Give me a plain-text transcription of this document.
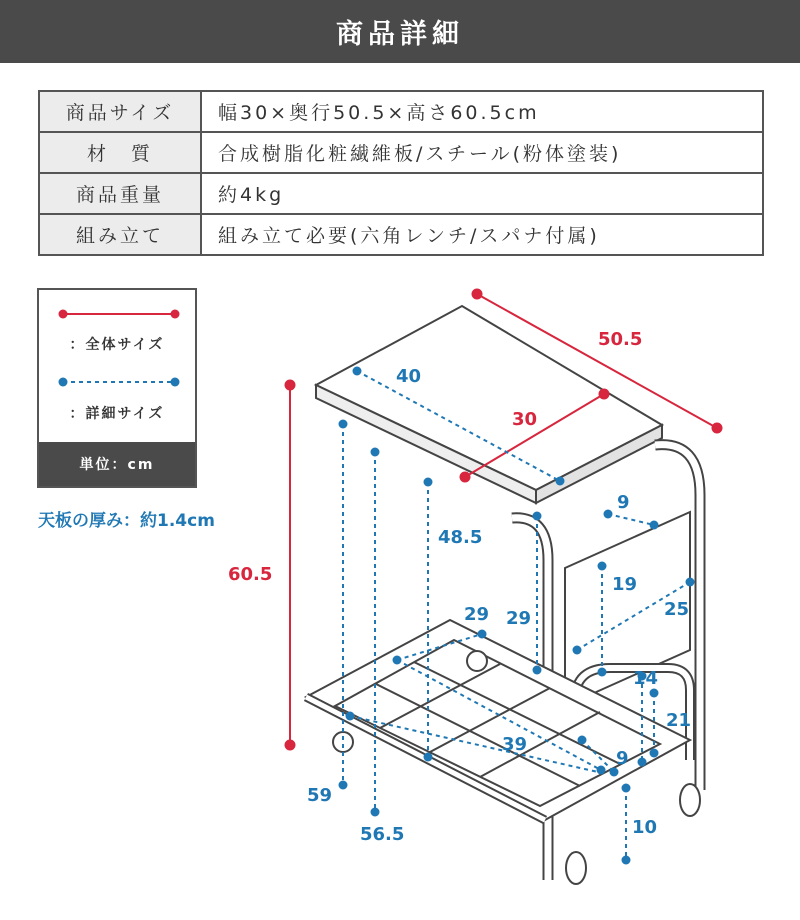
商品詳細
商品サイズ	幅30×奥行50.5×高さ60.5cm
材　質	合成樹脂化粧繊維板/スチール(粉体塗装)
商品重量	約4kg
組み立て	組み立て必要(六角レンチ/スパナ付属)
：全体サイズ
：詳細サイズ
単位：cm
天板の厚み：約1.4cm
50.5
30
60.5
40
9
48.5
19
25
29 29
14
21
39
9
59
56.5	10
